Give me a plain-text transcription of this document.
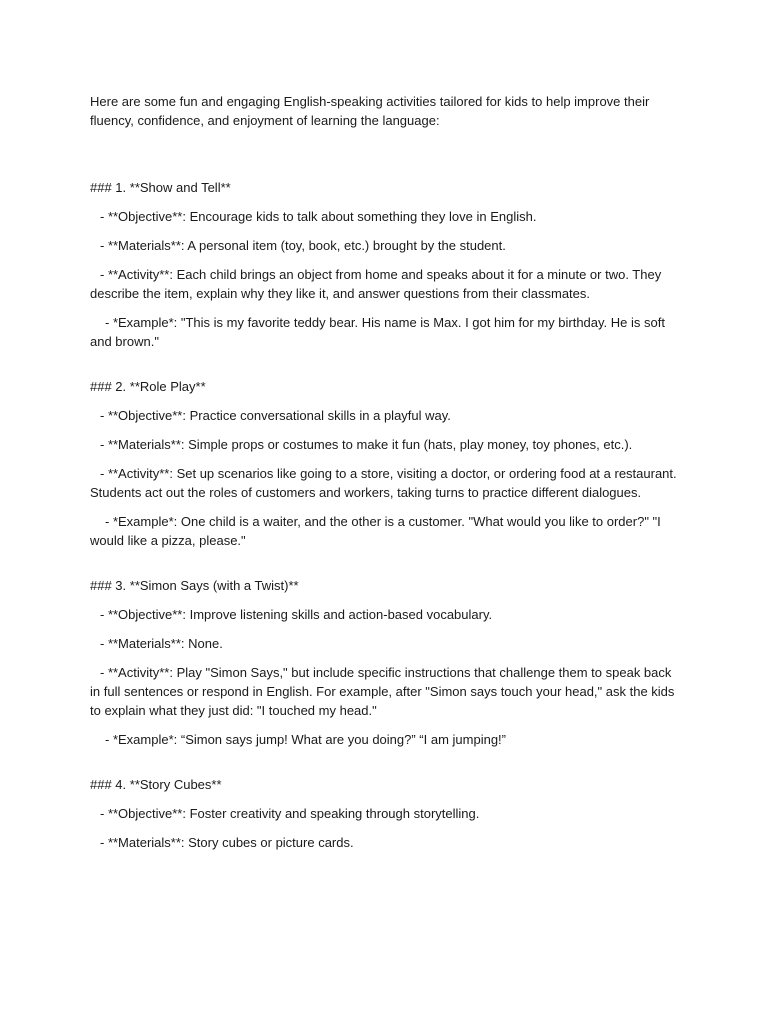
Here are some fun and engaging English-speaking activities tailored for kids to help improve their fluency, confidence, and enjoyment of learning the language:

### 1. **Show and Tell**

- **Objective**: Encourage kids to talk about something they love in English.

- **Materials**: A personal item (toy, book, etc.) brought by the student.

- **Activity**: Each child brings an object from home and speaks about it for a minute or two. They describe the item, explain why they like it, and answer questions from their classmates.

- *Example*: "This is my favorite teddy bear. His name is Max. I got him for my birthday. He is soft and brown."

### 2. **Role Play**

- **Objective**: Practice conversational skills in a playful way.

- **Materials**: Simple props or costumes to make it fun (hats, play money, toy phones, etc.).

- **Activity**: Set up scenarios like going to a store, visiting a doctor, or ordering food at a restaurant. Students act out the roles of customers and workers, taking turns to practice different dialogues.

- *Example*: One child is a waiter, and the other is a customer. "What would you like to order?" "I would like a pizza, please."

### 3. **Simon Says (with a Twist)**

- **Objective**: Improve listening skills and action-based vocabulary.

- **Materials**: None.

- **Activity**: Play "Simon Says," but include specific instructions that challenge them to speak back in full sentences or respond in English. For example, after "Simon says touch your head," ask the kids to explain what they just did: "I touched my head."

- *Example*: “Simon says jump! What are you doing?” “I am jumping!”

### 4. **Story Cubes**

- **Objective**: Foster creativity and speaking through storytelling.

- **Materials**: Story cubes or picture cards.
